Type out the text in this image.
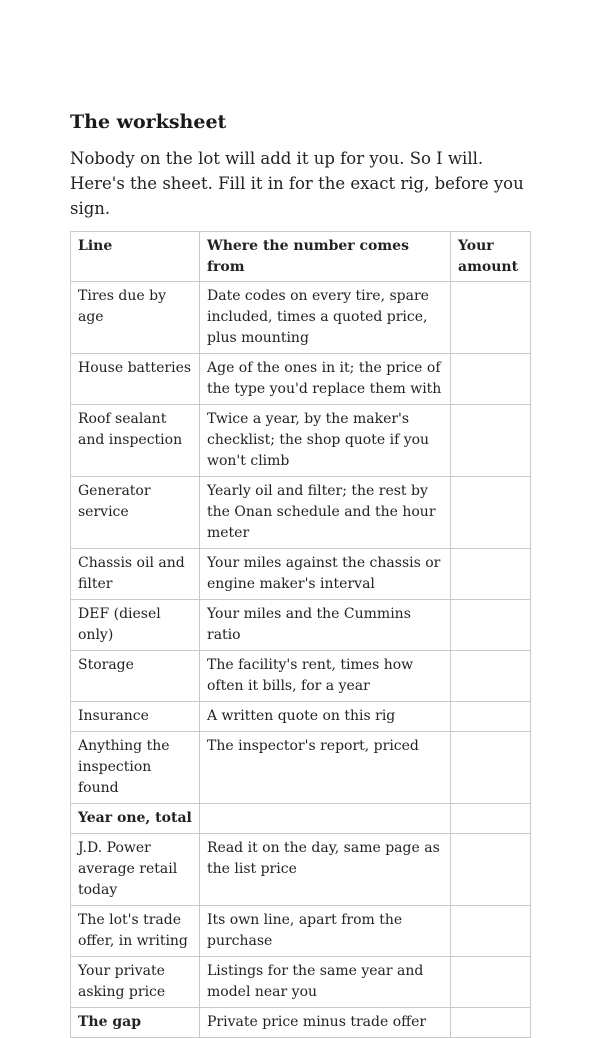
The worksheet

Nobody on the lot will add it up for you. So I will. Here's the sheet. Fill it in for the exact rig, before you sign.

Line	Where the number comes from	Your amount
Tires due by age	Date codes on every tire, spare included, times a quoted price, plus mounting	
House batteries	Age of the ones in it; the price of the type you'd replace them with	
Roof sealant and inspection	Twice a year, by the maker's checklist; the shop quote if you won't climb	
Generator service	Yearly oil and filter; the rest by the Onan schedule and the hour meter	
Chassis oil and filter	Your miles against the chassis or engine maker's interval	
DEF (diesel only)	Your miles and the Cummins ratio	
Storage	The facility's rent, times how often it bills, for a year	
Insurance	A written quote on this rig	
Anything the inspection found	The inspector's report, priced	
Year one, total		
J.D. Power average retail today	Read it on the day, same page as the list price	
The lot's trade offer, in writing	Its own line, apart from the purchase	
Your private asking price	Listings for the same year and model near you	
The gap	Private price minus trade offer	
